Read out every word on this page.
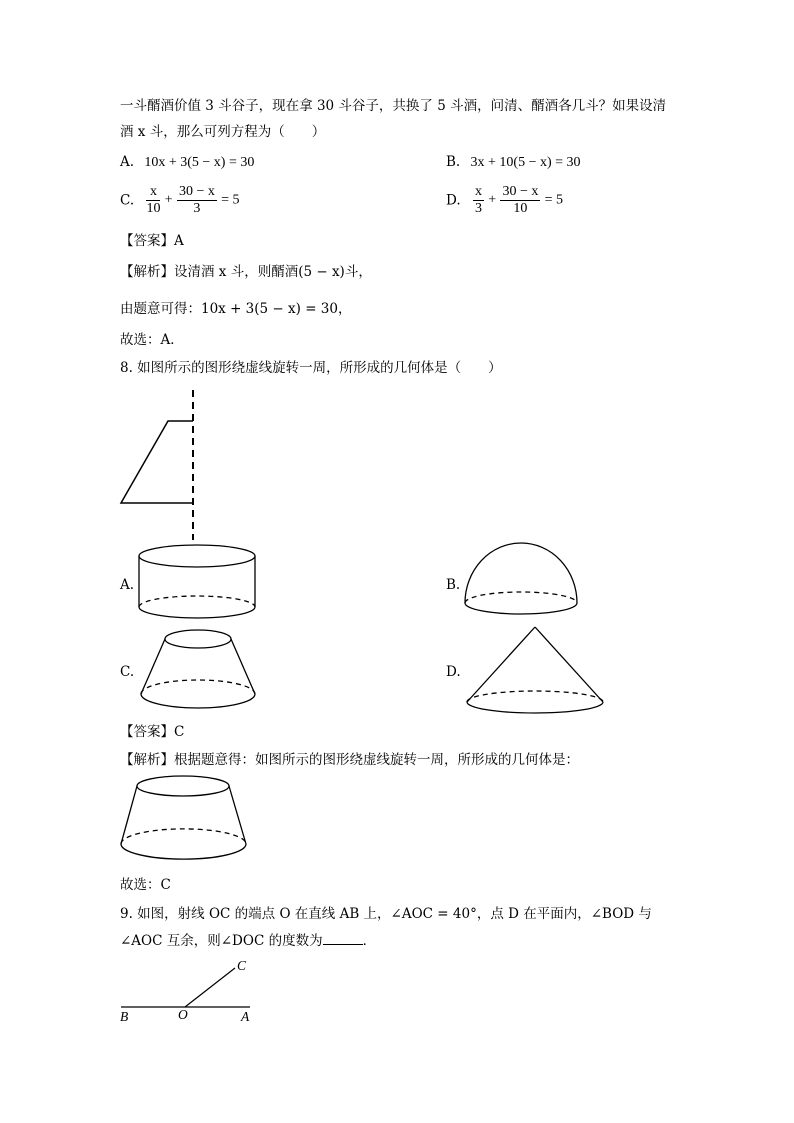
一斗醑酒价值 3 斗谷子，现在拿 30 斗谷子，共换了 5 斗酒，问清、醑酒各几斗？如果设清
酒 x 斗，那么可列方程为（　　）
A. 10x + 3(5 − x) = 30	B. 3x + 10(5 − x) = 30
C. $\frac{x}{10} + \frac{30 - x}{3} = 5$	D. $\frac{x}{3} + \frac{30 - x}{10} = 5$
【答案】A
【解析】设清酒 x 斗，则醑酒(5 − x)斗，
由题意可得：10x + 3(5 − x) = 30，
故选：A．
8. 如图所示的图形绕虚线旋转一周，所形成的几何体是（　　）
A.	B.
C.	D.
【答案】C
【解析】根据题意得：如图所示的图形绕虚线旋转一周，所形成的几何体是：
故选：C
9. 如图，射线 OC 的端点 O 在直线 AB 上，∠AOC = 40°，点 D 在平面内，∠BOD 与
∠AOC 互余，则∠DOC 的度数为	．
C
B	O	A
